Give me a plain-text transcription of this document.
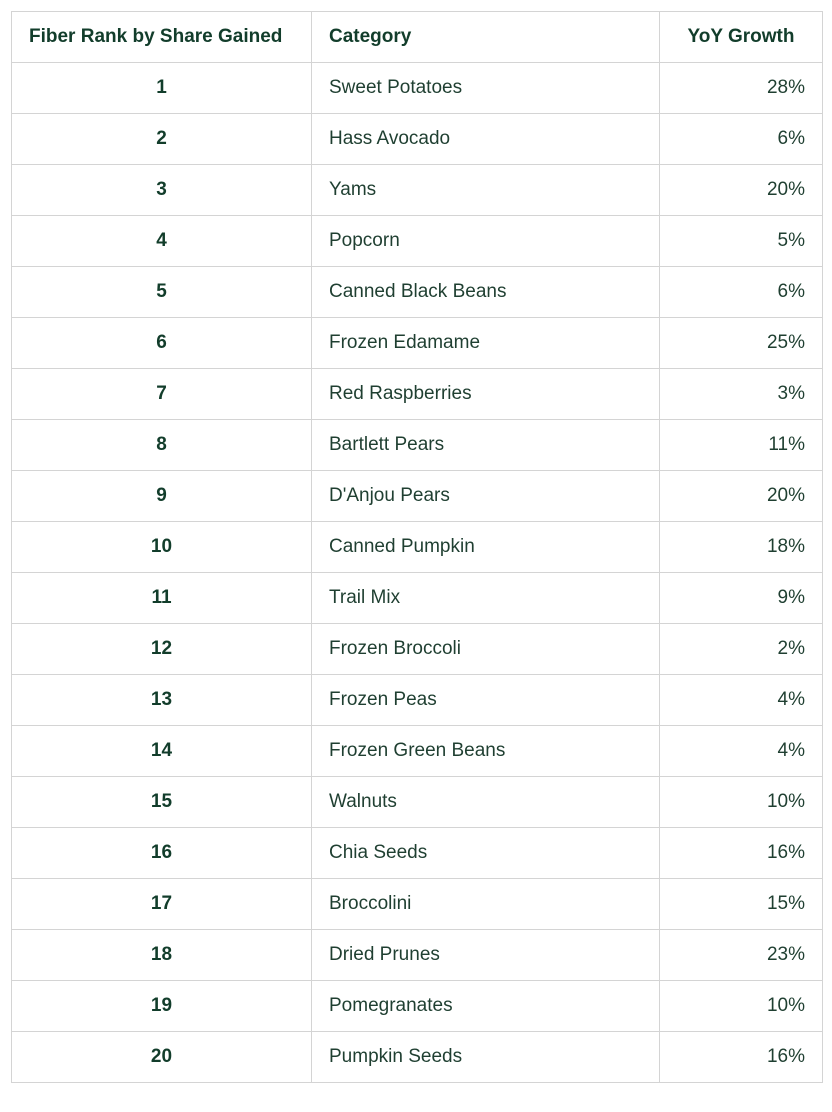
Fiber Rank by Share Gained	Category	YoY Growth
1	Sweet Potatoes	28%
2	Hass Avocado	6%
3	Yams	20%
4	Popcorn	5%
5	Canned Black Beans	6%
6	Frozen Edamame	25%
7	Red Raspberries	3%
8	Bartlett Pears	11%
9	D'Anjou Pears	20%
10	Canned Pumpkin	18%
11	Trail Mix	9%
12	Frozen Broccoli	2%
13	Frozen Peas	4%
14	Frozen Green Beans	4%
15	Walnuts	10%
16	Chia Seeds	16%
17	Broccolini	15%
18	Dried Prunes	23%
19	Pomegranates	10%
20	Pumpkin Seeds	16%
